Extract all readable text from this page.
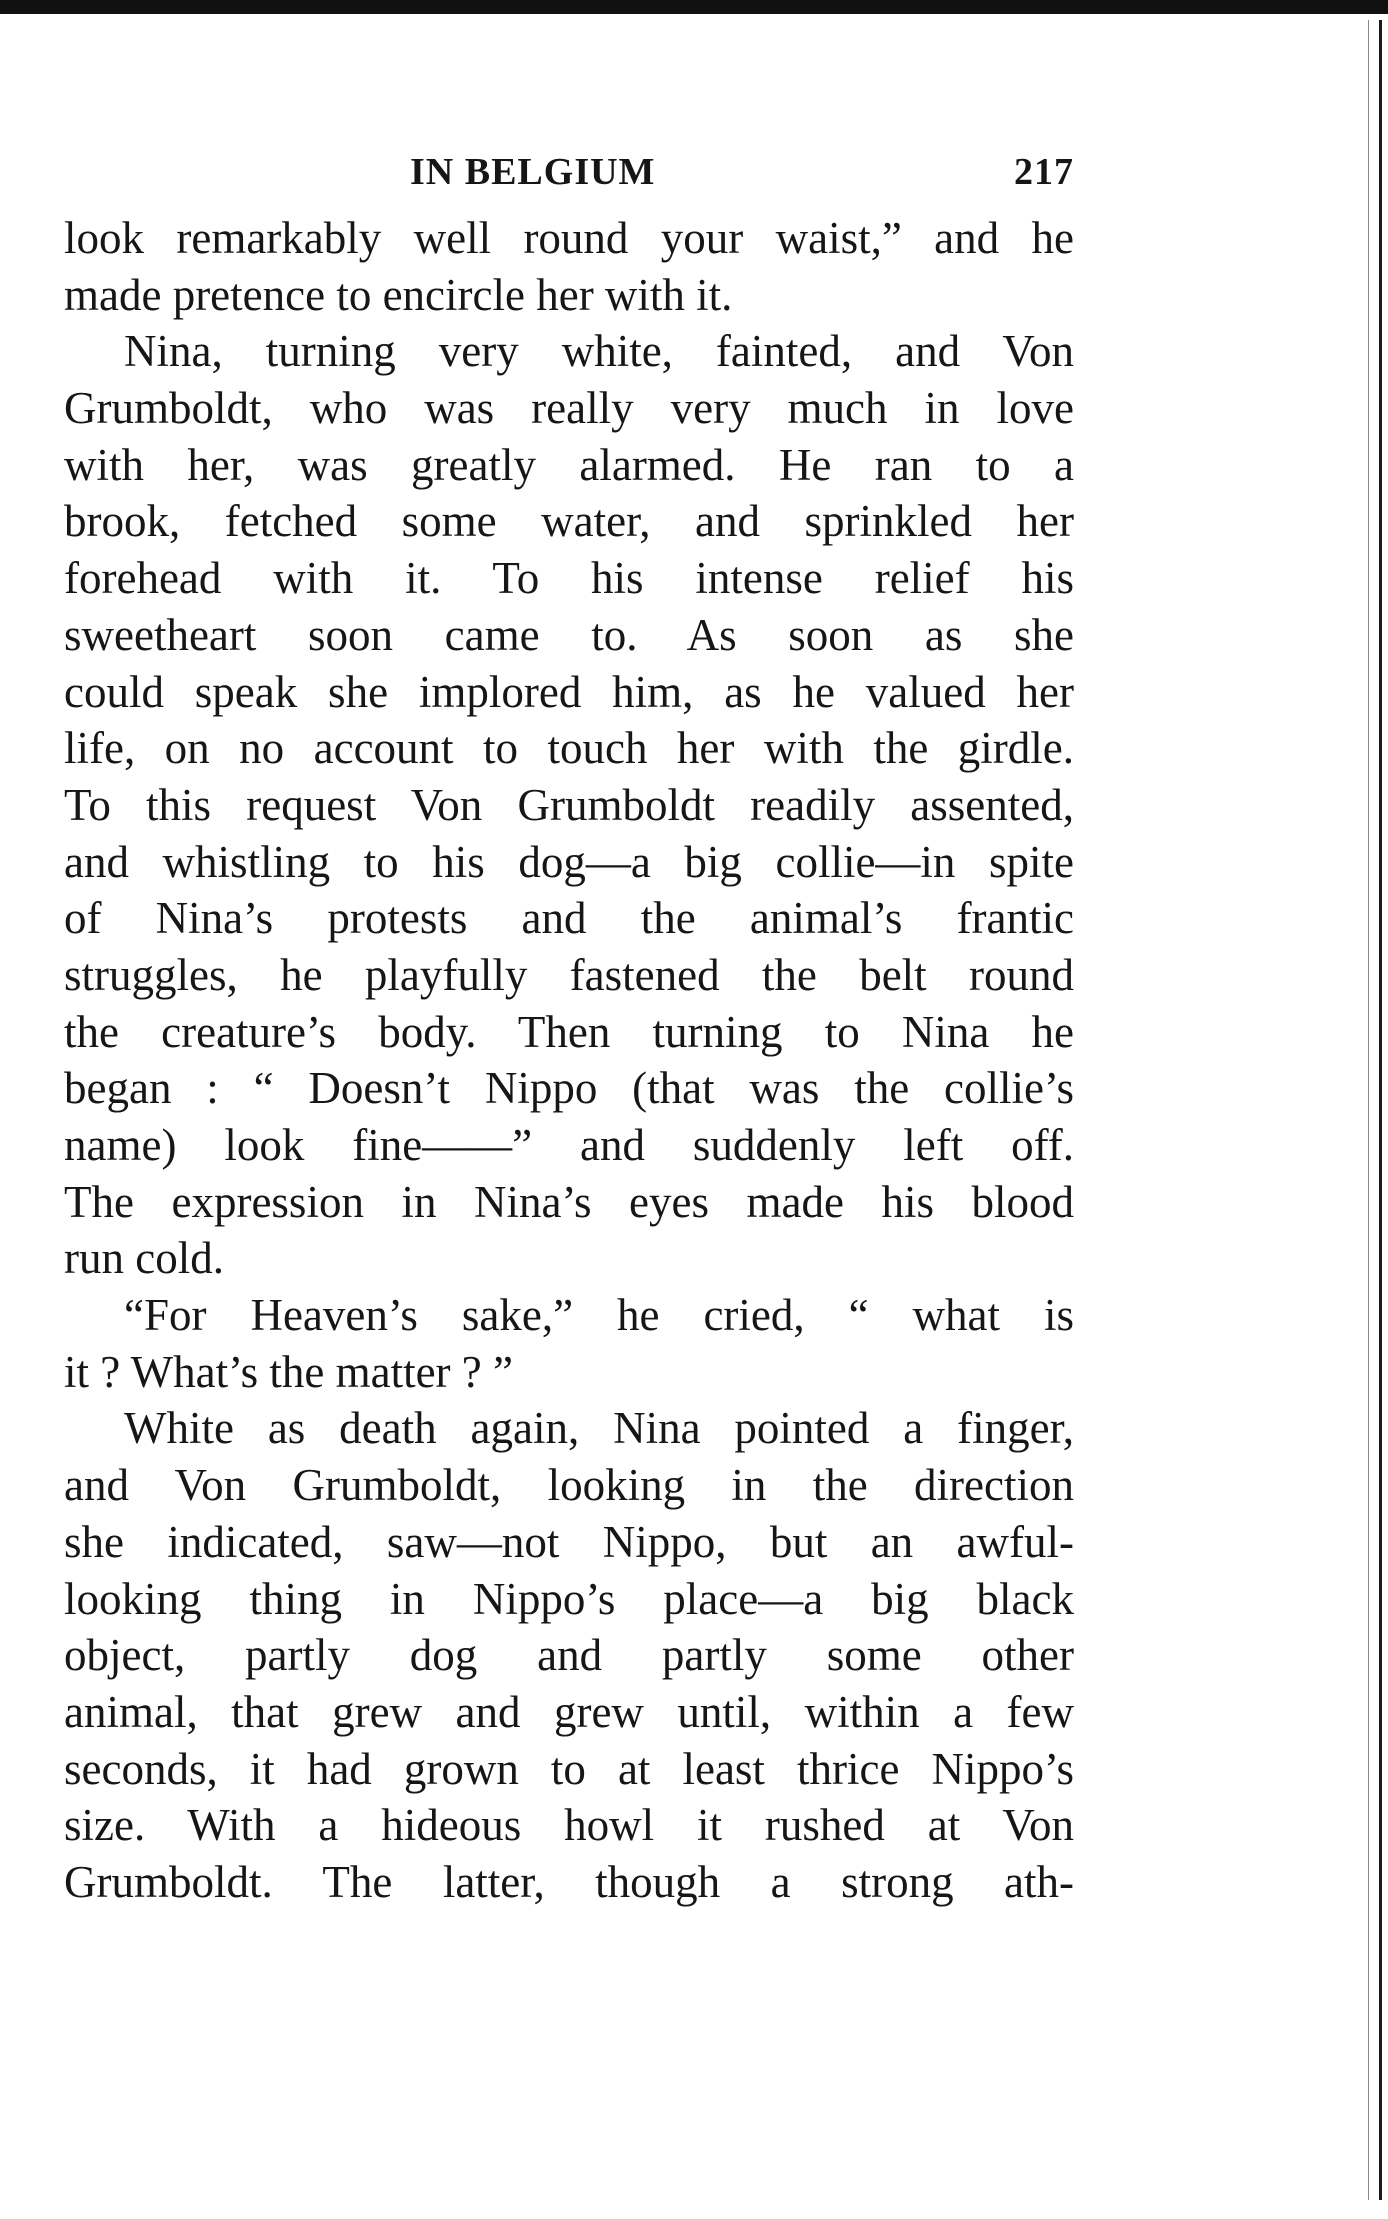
IN BELGIUM	217
look remarkably well round your waist,” and he
made pretence to encircle her with it.
Nina, turning very white, fainted, and Von
Grumboldt, who was really very much in love
with her, was greatly alarmed. He ran to a
brook, fetched some water, and sprinkled her
forehead with it. To his intense relief his
sweetheart soon came to. As soon as she
could speak she implored him, as he valued her
life, on no account to touch her with the girdle.
To this request Von Grumboldt readily assented,
and whistling to his dog—a big collie—in spite
of Nina’s protests and the animal’s frantic
struggles, he playfully fastened the belt round
the creature’s body. Then turning to Nina he
began : “ Doesn’t Nippo (that was the collie’s
name) look fine——” and suddenly left off.
The expression in Nina’s eyes made his blood
run cold.
“For Heaven’s sake,” he cried, “ what is
it ? What’s the matter ? ”
White as death again, Nina pointed a finger,
and Von Grumboldt, looking in the direction
she indicated, saw—not Nippo, but an awful-
looking thing in Nippo’s place—a big black
object, partly dog and partly some other
animal, that grew and grew until, within a few
seconds, it had grown to at least thrice Nippo’s
size. With a hideous howl it rushed at Von
Grumboldt. The latter, though a strong ath-
